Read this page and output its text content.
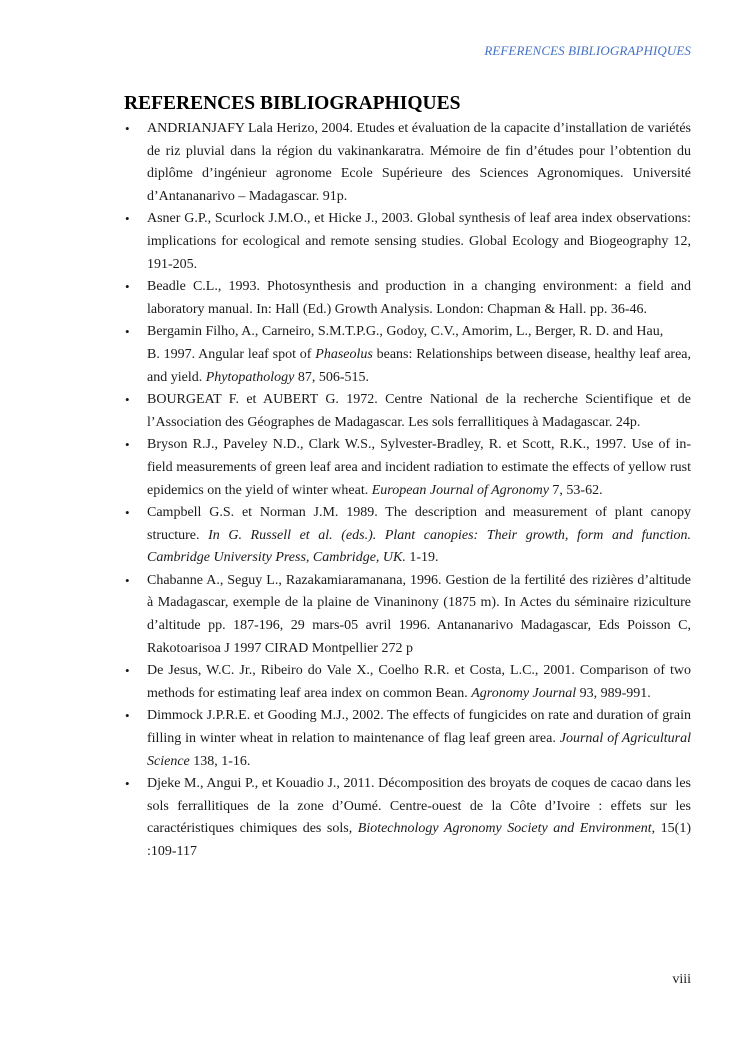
REFERENCES BIBLIOGRAPHIQUES
REFERENCES BIBLIOGRAPHIQUES
• ANDRIANJAFY Lala Herizo, 2004. Etudes et évaluation de la capacite d’installation de variétés de riz pluvial dans la région du vakinankaratra. Mémoire de fin d’études pour l’obtention du diplôme d’ingénieur agronome Ecole Supérieure des Sciences Agronomiques. Université d’Antananarivo – Madagascar. 91p.
• Asner G.P., Scurlock J.M.O., et Hicke J., 2003. Global synthesis of leaf area index observations: implications for ecological and remote sensing studies. Global Ecology and Biogeography 12, 191-205.
• Beadle C.L., 1993. Photosynthesis and production in a changing environment: a field and laboratory manual. In: Hall (Ed.) Growth Analysis. London: Chapman & Hall. pp. 36-46.
• Bergamin Filho, A., Carneiro, S.M.T.P.G., Godoy, C.V., Amorim, L., Berger, R. D. and Hau,

B. 1997. Angular leaf spot of Phaseolus beans: Relationships between disease, healthy leaf area, and yield. Phytopathology 87, 506-515.

• BOURGEAT F. et AUBERT G. 1972. Centre National de la recherche Scientifique et de l’Association des Géographes de Madagascar. Les sols ferrallitiques à Madagascar. 24p.
• Bryson R.J., Paveley N.D., Clark W.S., Sylvester-Bradley, R. et Scott, R.K., 1997. Use of in-field measurements of green leaf area and incident radiation to estimate the effects of yellow rust epidemics on the yield of winter wheat. European Journal of Agronomy 7, 53-62.
• Campbell G.S. et Norman J.M. 1989. The description and measurement of plant canopy structure. In G. Russell et al. (eds.). Plant canopies: Their growth, form and function. Cambridge University Press, Cambridge, UK. 1-19.
• Chabanne A., Seguy L., Razakamiaramanana, 1996. Gestion de la fertilité des rizières d’altitude à Madagascar, exemple de la plaine de Vinaninony (1875 m). In Actes du séminaire riziculture d’altitude pp. 187-196, 29 mars-05 avril 1996. Antananarivo Madagascar, Eds Poisson C, Rakotoarisoa J 1997 CIRAD Montpellier 272 p
• De Jesus, W.C. Jr., Ribeiro do Vale X., Coelho R.R. et Costa, L.C., 2001. Comparison of two methods for estimating leaf area index on common Bean. Agronomy Journal 93, 989-991.
• Dimmock J.P.R.E. et Gooding M.J., 2002. The effects of fungicides on rate and duration of grain filling in winter wheat in relation to maintenance of flag leaf green area. Journal of Agricultural Science 138, 1-16.
• Djeke M., Angui P., et Kouadio J., 2011. Décomposition des broyats de coques de cacao dans les sols ferrallitiques de la zone d’Oumé. Centre-ouest de la Côte d’Ivoire : effets sur les caractéristiques chimiques des sols, Biotechnology Agronomy Society and Environment, 15(1) :109-117
viii
